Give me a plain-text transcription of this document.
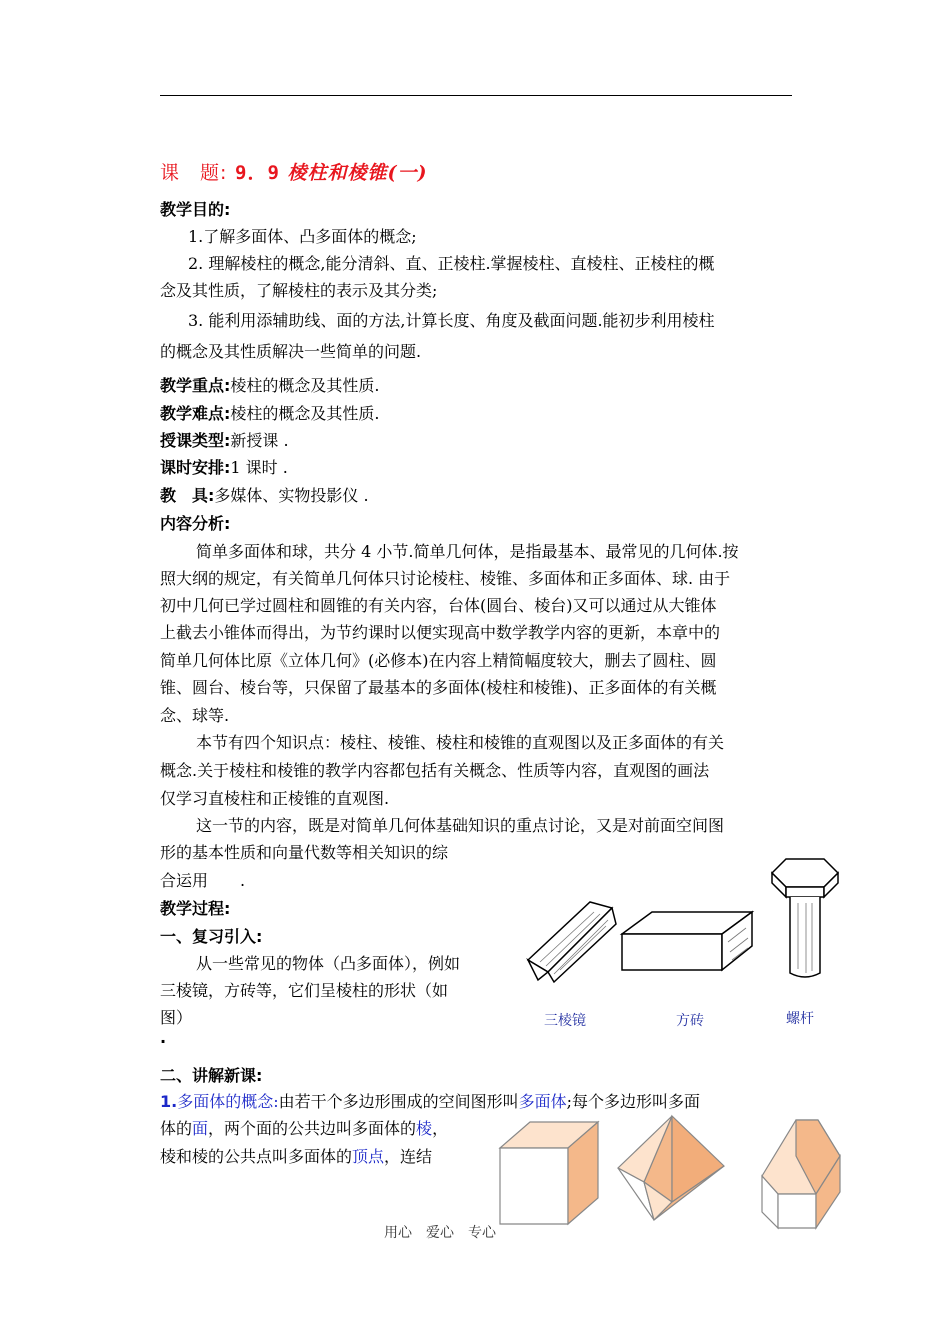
课　题: 9．9 棱柱和棱锥(一)
教学目的:
1.了解多面体、凸多面体的概念;
2. 理解棱柱的概念,能分清斜、直、正棱柱.掌握棱柱、直棱柱、正棱柱的概
念及其性质，了解棱柱的表示及其分类;
3. 能利用添辅助线、面的方法,计算长度、角度及截面问题.能初步利用棱柱
的概念及其性质解决一些简单的问题.
教学重点:棱柱的概念及其性质.
教学难点:棱柱的概念及其性质.
授课类型:新授课 .
课时安排:1 课时 .
教　具:多媒体、实物投影仪 .
内容分析:
简单多面体和球，共分 4 小节.简单几何体，是指最基本、最常见的几何体.按
照大纲的规定，有关简单几何体只讨论棱柱、棱锥、多面体和正多面体、球. 由于
初中几何已学过圆柱和圆锥的有关内容，台体(圆台、棱台)又可以通过从大锥体
上截去小锥体而得出，为节约课时以便实现高中数学教学内容的更新，本章中的
简单几何体比原《立体几何》(必修本)在内容上精简幅度较大，删去了圆柱、圆
锥、圆台、棱台等，只保留了最基本的多面体(棱柱和棱锥)、正多面体的有关概
念、球等.
本节有四个知识点：棱柱、棱锥、棱柱和棱锥的直观图以及正多面体的有关
概念.关于棱柱和棱锥的教学内容都包括有关概念、性质等内容，直观图的画法
仅学习直棱柱和正棱锥的直观图.
这一节的内容，既是对简单几何体基础知识的重点讨论，又是对前面空间图
形的基本性质和向量代数等相关知识的综
合运用　　.
教学过程:
一、复习引入:
从一些常见的物体（凸多面体），例如
三棱镜，方砖等，它们呈棱柱的形状（如
图）
.
二、讲解新课:
1.多面体的概念:由若干个多边形围成的空间图形叫多面体;每个多边形叫多面
体的面，两个面的公共边叫多面体的棱，
棱和棱的公共点叫多面体的顶点，连结
三棱镜	方砖	螺杆
用心　爱心　专心
